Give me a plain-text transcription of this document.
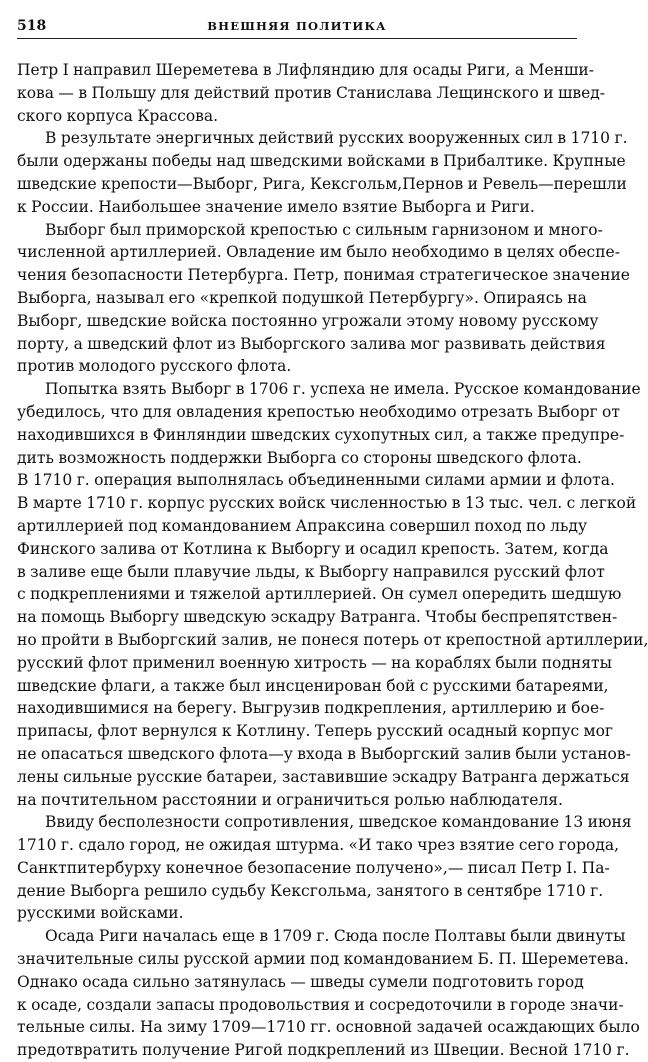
518	ВНЕШНЯЯ ПОЛИТИКА
Петр I направил Шереметева в Лифляндию для осады Риги, а Менши-
кова — в Польшу для действий против Станислава Лещинского и швед-
ского корпуса Крассова.
В результате энергичных действий русских вооруженных сил в 1710 г.
были одержаны победы над шведскими войсками в Прибалтике. Крупные
шведские крепости—Выборг, Рига, Кексгольм,Пернов и Ревель—перешли
к России. Наибольшее значение имело взятие Выборга и Риги.
Выборг был приморской крепостью с сильным гарнизоном и много-
численной артиллерией. Овладение им было необходимо в целях обеспе-
чения безопасности Петербурга. Петр, понимая стратегическое значение
Выборга, называл его «крепкой подушкой Петербургу». Опираясь на
Выборг, шведские войска постоянно угрожали этому новому русскому
порту, а шведский флот из Выборгского залива мог развивать действия
против молодого русского флота.
Попытка взять Выборг в 1706 г. успеха не имела. Русское командование
убедилось, что для овладения крепостью необходимо отрезать Выборг от
находившихся в Финляндии шведских сухопутных сил, а также предупре-
дить возможность поддержки Выборга со стороны шведского флота.
В 1710 г. операция выполнялась объединенными силами армии и флота.
В марте 1710 г. корпус русских войск численностью в 13 тыс. чел. с легкой
артиллерией под командованием Апраксина совершил поход по льду
Финского залива от Котлина к Выборгу и осадил крепость. Затем, когда
в заливе еще были плавучие льды, к Выборгу направился русский флот
с подкреплениями и тяжелой артиллерией. Он сумел опередить шедшую
на помощь Выборгу шведскую эскадру Ватранга. Чтобы беспрепятствен-
но пройти в Выборгский залив, не понеся потерь от крепостной артиллерии,
русский флот применил военную хитрость — на кораблях были подняты
шведские флаги, а также был инсценирован бой с русскими батареями,
находившимися на берегу. Выгрузив подкрепления, артиллерию и бое-
припасы, флот вернулся к Котлину. Теперь русский осадный корпус мог
не опасаться шведского флота—у входа в Выборгский залив были установ-
лены сильные русские батареи, заставившие эскадру Ватранга держаться
на почтительном расстоянии и ограничиться ролью наблюдателя.
Ввиду бесполезности сопротивления, шведское командование 13 июня
1710 г. сдало город, не ожидая штурма. «И тако чрез взятие сего города,
Санктпитербурху конечное безопасение получено»,— писал Петр I. Па-
дение Выборга решило судьбу Кексгольма, занятого в сентябре 1710 г.
русскими войсками.
Осада Риги началась еще в 1709 г. Сюда после Полтавы были двинуты
значительные силы русской армии под командованием Б. П. Шереметева.
Однако осада сильно затянулась — шведы сумели подготовить город
к осаде, создали запасы продовольствия и сосредоточили в городе значи-
тельные силы. На зиму 1709—1710 гг. основной задачей осаждающих было
предотвратить получение Ригой подкреплений из Швеции. Весной 1710 г.
